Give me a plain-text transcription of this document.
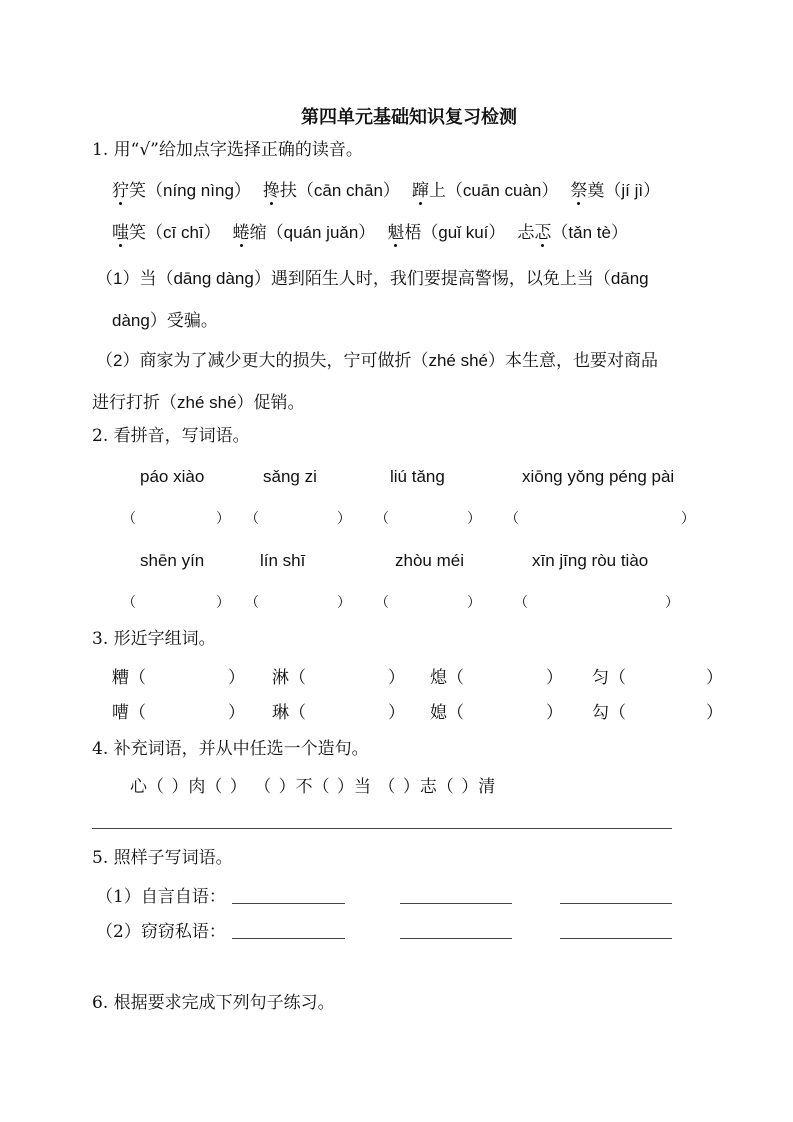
第四单元基础知识复习检测
1. 用“√”给加点字选择正确的读音。
狞笑（níng nìng） 搀扶（cān chān） 蹿上（cuān cuàn） 祭奠（jí jì）
嗤笑（cī chī） 蜷缩（quán juǎn） 魁梧（guǐ kuí） 忐忑（tǎn tè）
（1）当（dāng dàng）遇到陌生人时，我们要提高警惕，以免上当（dāng
dàng）受骗。
（2）商家为了减少更大的损失，宁可做折（zhé shé）本生意，也要对商品
进行打折（zhé shé）促销。
2. 看拼音，写词语。
páo xiào	sǎng zi	liú tǎng	xiōng yǒng péng pài
shēn yín	lín shī	zhòu méi	xīn jīng ròu tiào
（	） （	） （	） （	）
（	） （	） （	） （	）
3. 形近字组词。
糟（	） 淋（	） 熄（	） 匀（	）
嘈（	） 琳（	） 媳（	） 勾（	）
4. 补充词语，并从中任选一个造句。
心（ ）肉（ ） （ ）不（ ）当 （ ）志（ ）清
5. 照样子写词语。
（1）自言自语：
（2）窃窃私语：
6. 根据要求完成下列句子练习。
